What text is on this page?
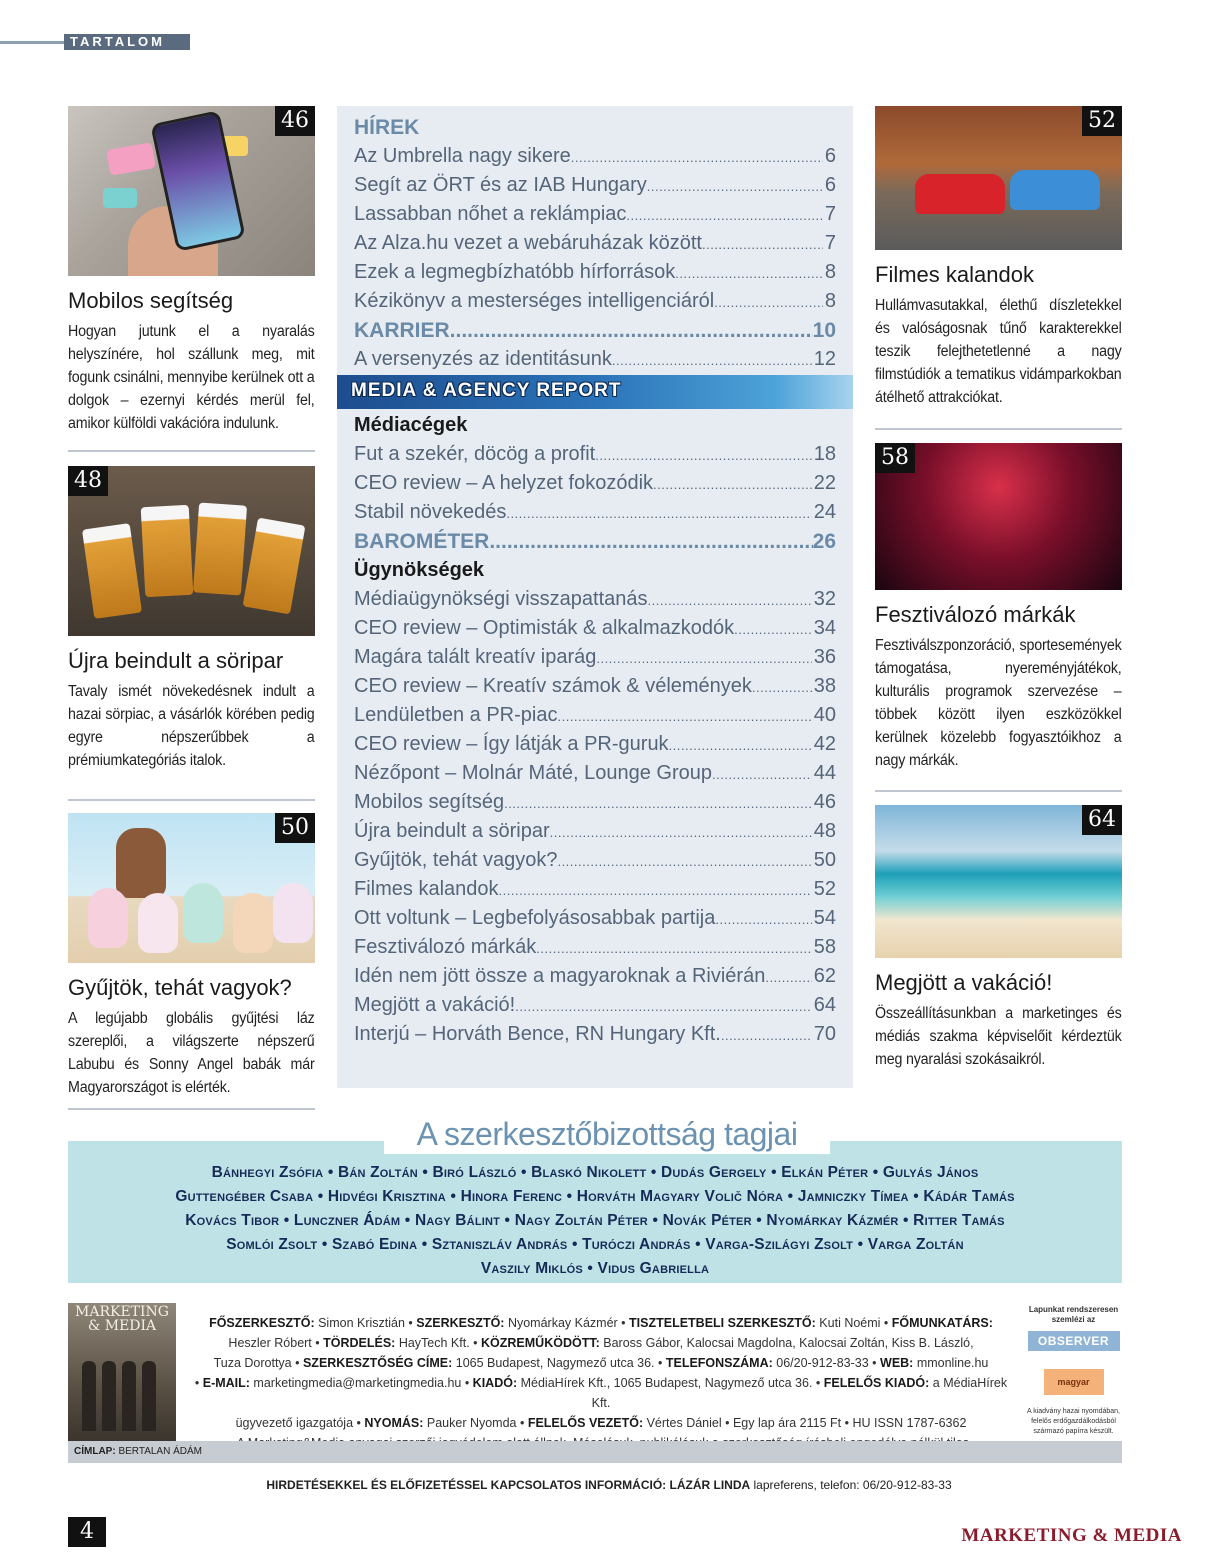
TARTALOM
46
Mobilos segítség

Hogyan jutunk el a nyaralás helyszínére, hol szállunk meg, mit fogunk csinálni, mennyibe kerülnek ott a dolgok – ezernyi kérdés merül fel, amikor külföldi vakációra indulunk.

48
Újra beindult a söripar

Tavaly ismét növekedésnek indult a hazai sörpiac, a vásárlók körében pedig egyre népszerűbbek a prémiumkategóriás italok.

50
Gyűjtök, tehát vagyok?

A legújabb globális gyűjtési láz szereplői, a világszerte népszerű Labubu és Sonny Angel babák már Magyarországot is elérték.

HÍREK
Az Umbrella nagy sikere .....	6
Segít az ÖRT és az IAB Hungary .....	6
Lassabban nőhet a reklámpiac .....	7
Az Alza.hu vezet a webáruházak között .....	7
Ezek a legmegbízhatóbb hírforrások .....	8
Kézikönyv a mesterséges intelligenciáról .....	8
KARRIER .....	10
A versenyzés az identitásunk .....	12
MEDIA & AGENCY REPORT
Médiacégek
Fut a szekér, döcög a profit .....	18
CEO review – A helyzet fokozódik .....	22
Stabil növekedés .....	24
BAROMÉTER .....	26
Ügynökségek
Médiaügynökségi visszapattanás .....	32
CEO review – Optimisták & alkalmazkodók .....	34
Magára talált kreatív iparág .....	36
CEO review – Kreatív számok & vélemények .....	38
Lendületben a PR-piac .....	40
CEO review – Így látják a PR-guruk .....	42
Nézőpont – Molnár Máté, Lounge Group .....	44
Mobilos segítség .....	46
Újra beindult a söripar .....	48
Gyűjtök, tehát vagyok? .....	50
Filmes kalandok .....	52
Ott voltunk – Legbefolyásosabbak partija .....	54
Fesztiválozó márkák .....	58
Idén nem jött össze a magyaroknak a Riviérán ..... 62
Megjött a vakáció! .....	64
Interjú – Horváth Bence, RN Hungary Kft. .....	70
52
Filmes kalandok

Hullámvasutakkal, élethű díszletekkel és valóságosnak tűnő karakterekkel teszik felejthetetlenné a nagy filmstúdiók a tematikus vidámparkokban átélhető attrakciókat.

58
Fesztiválozó márkák

Fesztiválszponzoráció, sportesemények támogatása, nyereményjátékok, kulturális programok szervezése – többek között ilyen eszközökkel kerülnek közelebb fogyasztóikhoz a nagy márkák.

64
Megjött a vakáció!

Összeállításunkban a marketinges és médiás szakma képviselőit kérdeztük meg nyaralási szokásaikról.

Bánhegyi Zsófia • Bán Zoltán • Biró László • Blaskó Nikolett • Dudás Gergely • Elkán Péter • Gulyás János
Guttengéber Csaba • Hidvégi Krisztina • Hinora Ferenc • Horváth Magyary Volič Nóra • Jamniczky Tímea • Kádár Tamás
Kovács Tibor • Lunczner Ádám • Nagy Bálint • Nagy Zoltán Péter • Novák Péter • Nyomárkay Kázmér • Ritter Tamás
Somlói Zsolt • Szabó Edina • Sztaniszláv András • Turóczi András • Varga-Szilágyi Zsolt • Varga Zoltán
Vaszily Miklós • Vidus Gabriella
A szerkesztőbizottság tagjai
MARKETING & MEDIA	FŐSZERKESZTŐ: Simon Krisztián • SZERKESZTŐ: Nyomárkay Kázmér • TISZTELETBELI SZERKESZTŐ: Kuti Noémi • FŐMUNKATÁRS:
Heszler Róbert • TÖRDELÉS: HayTech Kft. • KÖZREMŰKÖDÖTT: Baross Gábor, Kalocsai Magdolna, Kalocsai Zoltán, Kiss B. László,
Tuza Dorottya • SZERKESZTŐSÉG CÍME: 1065 Budapest, Nagymező utca 36. • TELEFONSZÁMA: 06/20-912-83-33 • WEB: mmonline.hu
• E-MAIL: marketingmedia@marketingmedia.hu • KIADÓ: MédiaHírek Kft., 1065 Budapest, Nagymező utca 36. • FELELŐS KIADÓ: a MédiaHírek Kft.
ügyvezető igazgatója • NYOMÁS: Pauker Nyomda • FELELŐS VEZETŐ: Vértes Dániel • Egy lap ára 2115 Ft • HU ISSN 1787-6362
Lapunkat rendszeresen szemlézi az
OBSERVER
magyar
A kiadvány hazai nyomdában, felelős erdőgazdálkodásból származó papírra készült.
CÍMLAP: BERTALAN ÁDÁM
HIRDETÉSEKKEL ÉS ELŐFIZETÉSSEL KAPCSOLATOS INFORMÁCIÓ: LÁZÁR LINDA lapreferens, telefon: 06/20-912-83-33
4	MARKETING & MEDIA
